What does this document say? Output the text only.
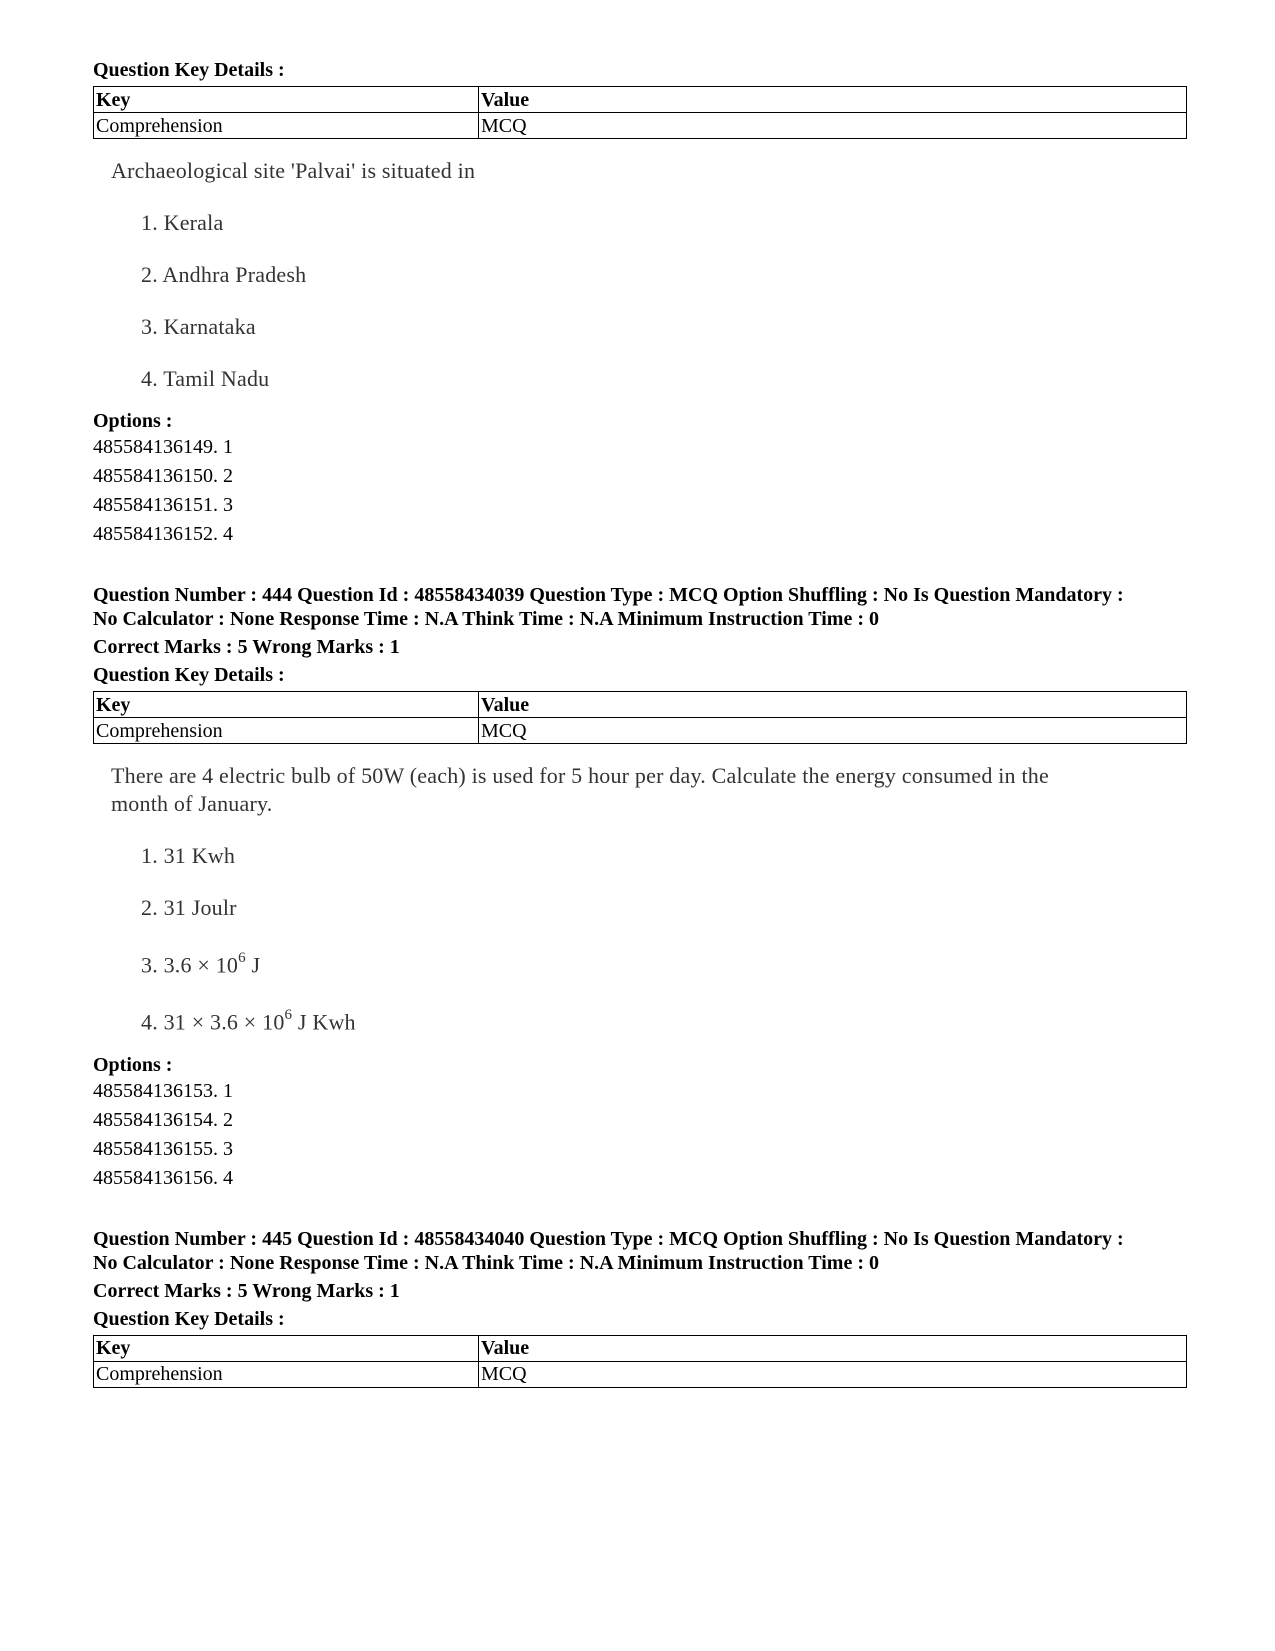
Question Key Details :
Key	Value
Comprehension	MCQ
Archaeological site 'Palvai' is situated in
1. Kerala
2. Andhra Pradesh
3. Karnataka
4. Tamil Nadu
Options :
485584136149. 1
485584136150. 2
485584136151. 3
485584136152. 4
Question Number : 444 Question Id : 48558434039 Question Type : MCQ Option Shuffling : No Is Question Mandatory :
No Calculator : None Response Time : N.A Think Time : N.A Minimum Instruction Time : 0
Correct Marks : 5 Wrong Marks : 1
Question Key Details :
Key	Value
Comprehension	MCQ
There are 4 electric bulb of 50W (each) is used for 5 hour per day. Calculate the energy consumed in the
month of January.
1. 31 Kwh
2. 31 Joulr
3. $3.6 \times 10^6$ J
4. $31 \times 3.6 \times 10^6$ J Kwh
Options :
485584136153. 1
485584136154. 2
485584136155. 3
485584136156. 4
Question Number : 445 Question Id : 48558434040 Question Type : MCQ Option Shuffling : No Is Question Mandatory :
No Calculator : None Response Time : N.A Think Time : N.A Minimum Instruction Time : 0
Correct Marks : 5 Wrong Marks : 1
Question Key Details :
Key	Value
Comprehension	MCQ
